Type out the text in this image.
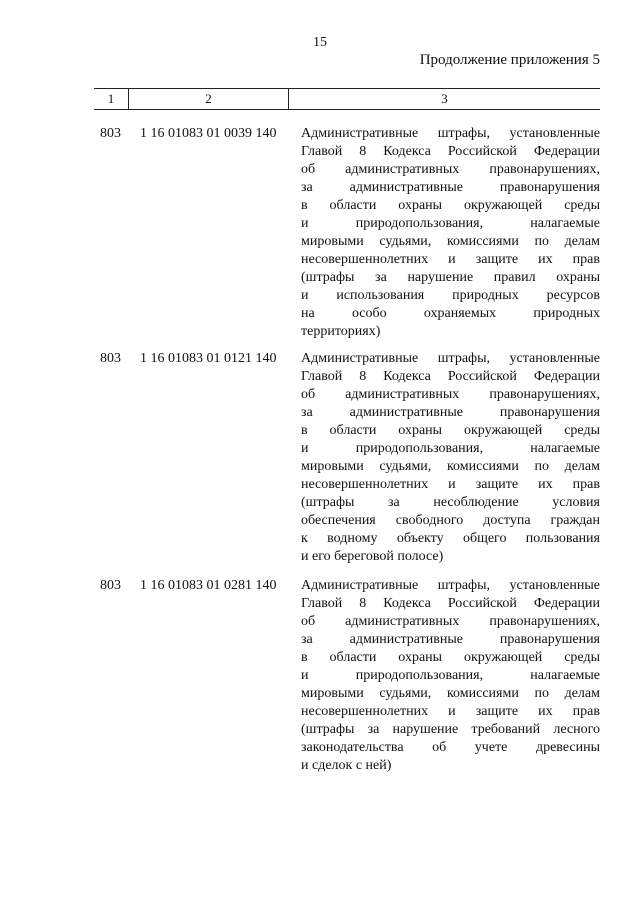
15
Продолжение приложения 5
1	2	3
803 1 16 01083 01 0039 140 Административные штрафы, установленные
Главой 8 Кодекса Российской Федерации
об административных правонарушениях,
за административные правонарушения
в области охраны окружающей среды
и природопользования, налагаемые
мировыми судьями, комиссиями по делам
несовершеннолетних и защите их прав
(штрафы за нарушение правил охраны
и использования природных ресурсов
на особо охраняемых природных
территориях)
803 1 16 01083 01 0121 140 Административные штрафы, установленные
Главой 8 Кодекса Российской Федерации
об административных правонарушениях,
за административные правонарушения
в области охраны окружающей среды
и природопользования, налагаемые
мировыми судьями, комиссиями по делам
несовершеннолетних и защите их прав
(штрафы за несоблюдение условия
обеспечения свободного доступа граждан
к водному объекту общего пользования
и его береговой полосе)
803 1 16 01083 01 0281 140 Административные штрафы, установленные
Главой 8 Кодекса Российской Федерации
об административных правонарушениях,
за административные правонарушения
в области охраны окружающей среды
и природопользования, налагаемые
мировыми судьями, комиссиями по делам
несовершеннолетних и защите их прав
(штрафы за нарушение требований лесного
законодательства об учете древесины
и сделок с ней)
